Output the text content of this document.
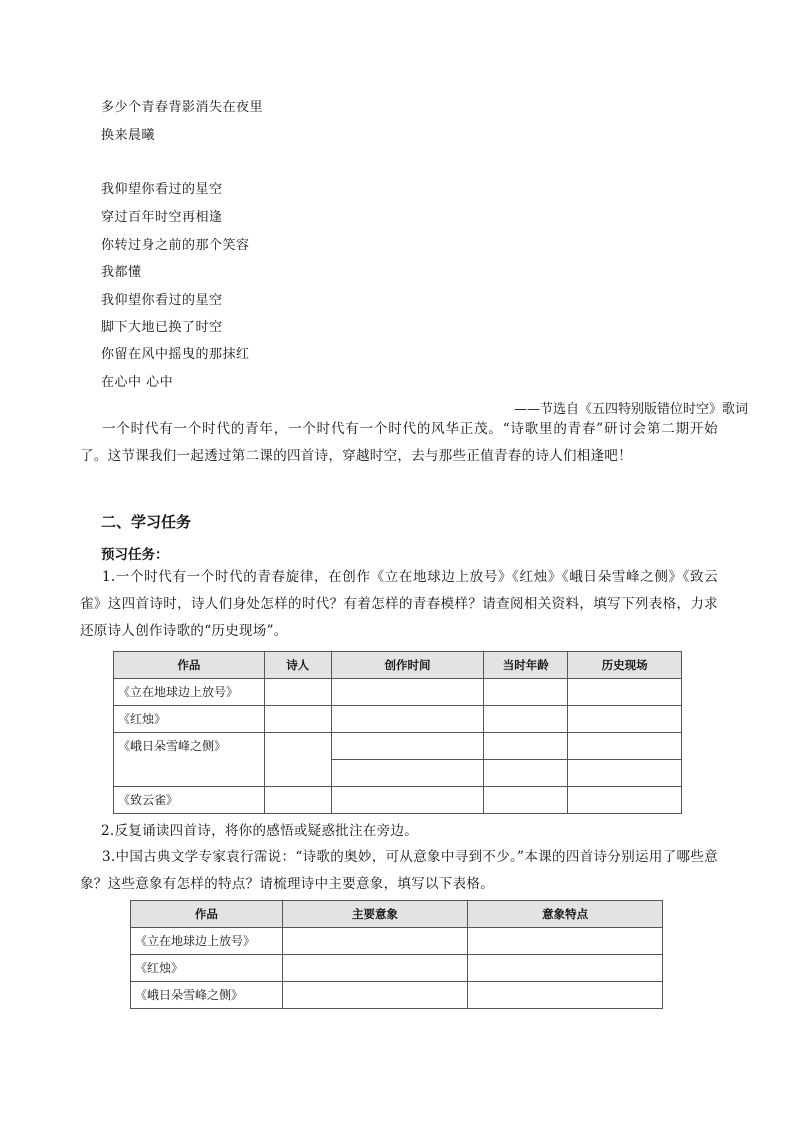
多少个青春背影消失在夜里
换来晨曦
我仰望你看过的星空
穿过百年时空再相逢
你转过身之前的那个笑容
我都懂
我仰望你看过的星空
脚下大地已换了时空
你留在风中摇曳的那抹红
在心中 心中
——节选自《五四特别版错位时空》歌词
一个时代有一个时代的青年，一个时代有一个时代的风华正茂。“诗歌里的青春”研讨会第二期开始了。这节课我们一起透过第二课的四首诗，穿越时空，去与那些正值青春的诗人们相逢吧！
二、学习任务
预习任务：
1.一个时代有一个时代的青春旋律，在创作《立在地球边上放号》《红烛》《峨日朵雪峰之侧》《致云雀》这四首诗时，诗人们身处怎样的时代？有着怎样的青春模样？请查阅相关资料，填写下列表格，力求还原诗人创作诗歌的“历史现场”。
作品	诗人	创作时间	当时年龄	历史现场
《立在地球边上放号》				
《红烛》				
《峨日朵雪峰之侧》				

《致云雀》				
2.反复诵读四首诗，将你的感悟或疑惑批注在旁边。
3.中国古典文学专家袁行霈说：“诗歌的奥妙，可从意象中寻到不少。”本课的四首诗分别运用了哪些意象？这些意象有怎样的特点？请梳理诗中主要意象，填写以下表格。
作品	主要意象	意象特点
《立在地球边上放号》		
《红烛》		
《峨日朵雪峰之侧》		
